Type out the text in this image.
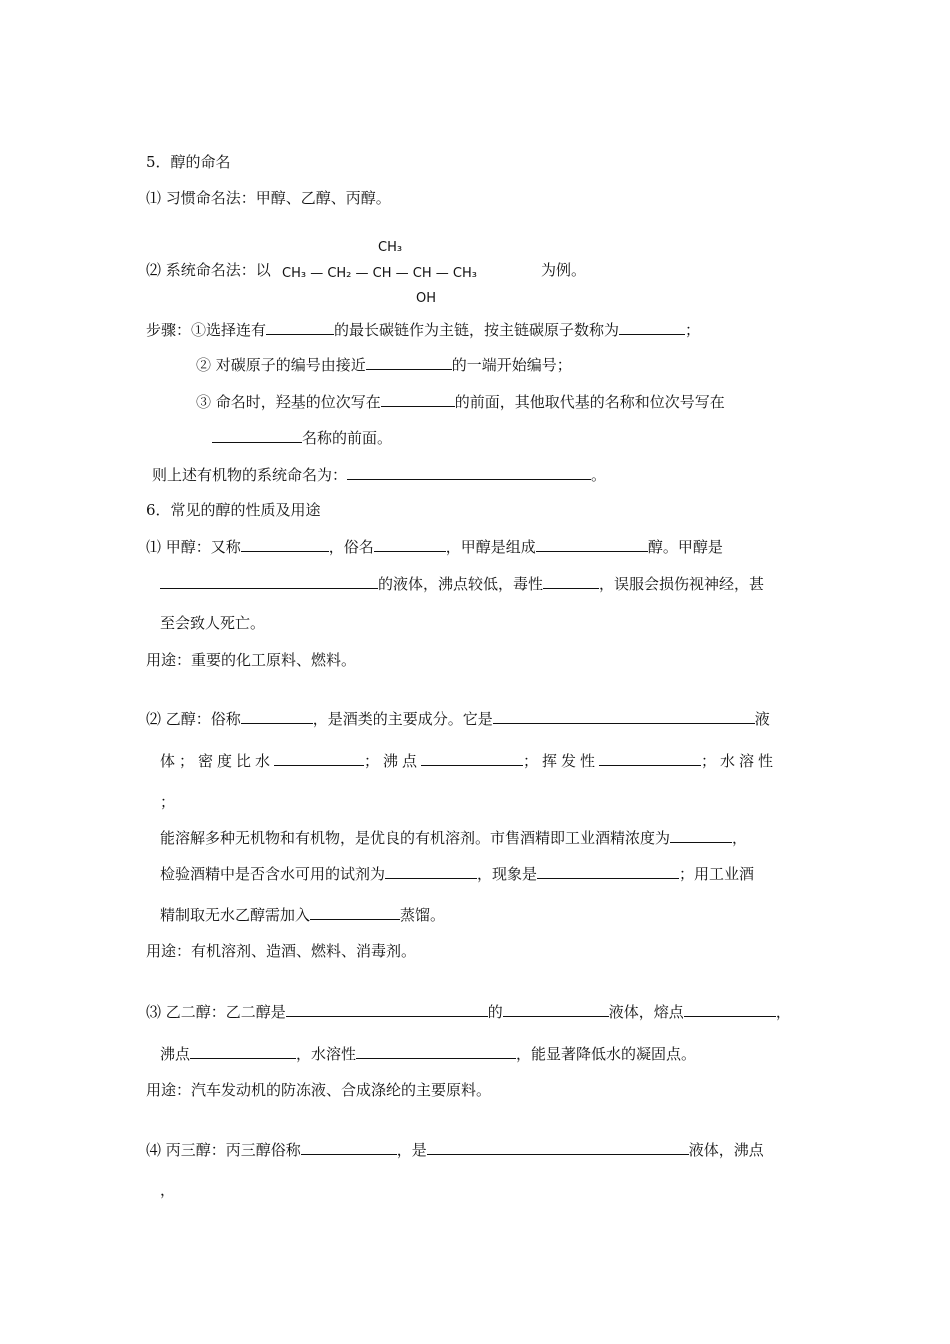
5．醇的命名
⑴ 习惯命名法：甲醇、乙醇、丙醇。
⑵ 系统命名法：以
CH₃
CH₃ — CH₂ — CH — CH — CH₃
OH
为例。
步骤：①选择连有	的最长碳链作为主链，按主链碳原子数称为	；
② 对碳原子的编号由接近	的一端开始编号；
③ 命名时，羟基的位次写在	的前面，其他取代基的名称和位次号写在
名称的前面。
则上述有机物的系统命名为：	。
6．常见的醇的性质及用途
⑴ 甲醇：又称	，俗名	，甲醇是组成	醇。甲醇是
的液体，沸点较低，毒性	，误服会损伤视神经，甚
至会致人死亡。
用途：重要的化工原料、燃料。
⑵ 乙醇：俗称	，是酒类的主要成分。它是	液
体；密度比水	；沸点	；挥发性	；水溶性
；
能溶解多种无机物和有机物，是优良的有机溶剂。市售酒精即工业酒精浓度为	，
检验酒精中是否含水可用的试剂为	，现象是	；用工业酒
精制取无水乙醇需加入	蒸馏。
用途：有机溶剂、造酒、燃料、消毒剂。
⑶ 乙二醇：乙二醇是	的	液体，熔点	，
沸点	，水溶性	，能显著降低水的凝固点。
用途：汽车发动机的防冻液、合成涤纶的主要原料。
⑷ 丙三醇：丙三醇俗称	，是	液体，沸点
，
